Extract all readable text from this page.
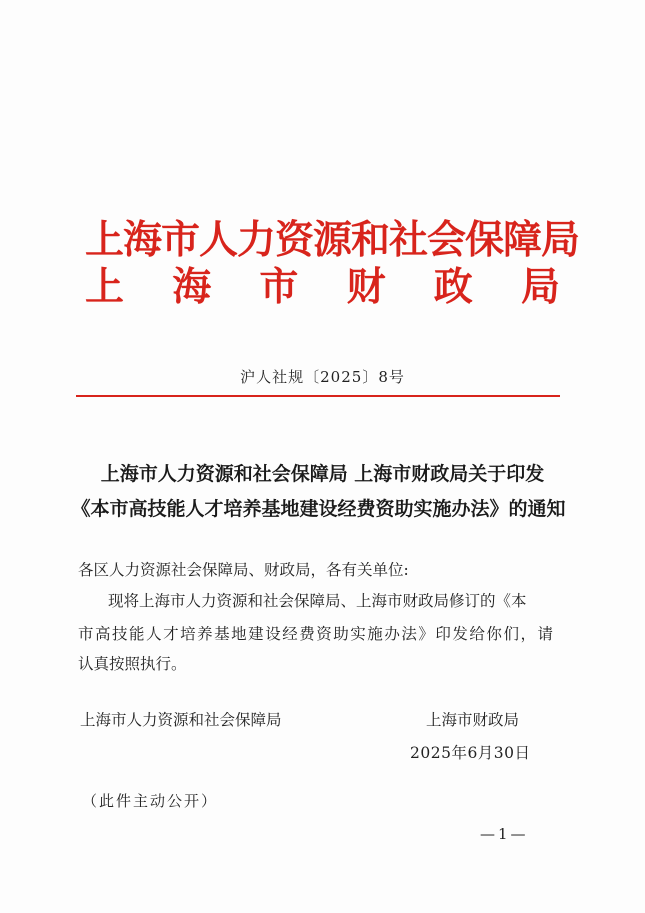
上海市人力资源和社会保障局
上海市财政局
沪人社规〔2025〕8号
上海市人力资源和社会保障局 上海市财政局关于印发
《本市高技能人才培养基地建设经费资助实施办法》的通知
各区人力资源社会保障局、财政局，各有关单位:
现将上海市人力资源和社会保障局、上海市财政局修订的《本
市高技能人才培养基地建设经费资助实施办法》印发给你们，请
认真按照执行。
上海市人力资源和社会保障局	上海市财政局
2025年6月30日
（此件主动公开）
—1—
